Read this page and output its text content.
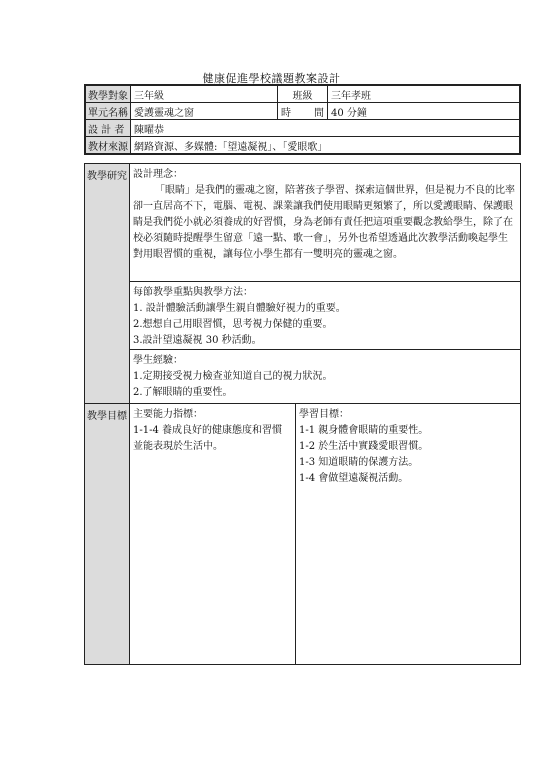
健康促進學校議題教案設計
教學對象	三年級	班級	三年孝班
單元名稱	愛護靈魂之窗	時 間	40 分鐘
設 計 者	陳曜恭		
教材來源	網路資源、多媒體:「望遠凝視」、「愛眼歌」		
教學研究 設計理念：
「眼睛」是我們的靈魂之窗，陪著孩子學習、探索這個世界，但是視力不良的比率卻一直居高不下，電腦、電視、課業讓我們使用眼睛更頻繁了，所以愛護眼睛、保護眼睛是我們從小就必須養成的好習慣，身為老師有責任把這項重要觀念教給學生，除了在校必須隨時提醒學生留意「遠一點、歌一會」，另外也希望透過此次教學活動喚起學生對用眼習慣的重視，讓每位小學生都有一雙明亮的靈魂之窗。
每節教學重點與教學方法：
1. 設計體驗活動讓學生親自體驗好視力的重要。
2.想想自己用眼習慣，思考視力保健的重要。
3.設計望遠凝視 30 秒活動。
學生經驗：
1.定期接受視力檢查並知道自己的視力狀況。
2.了解眼睛的重要性。
教學目標 主要能力指標：
1-1-4 養成良好的健康態度和習慣
並能表現於生活中。
學習目標：
1-1 親身體會眼睛的重要性。
1-2 於生活中實踐愛眼習慣。
1-3 知道眼睛的保護方法。
1-4 會做望遠凝視活動。
